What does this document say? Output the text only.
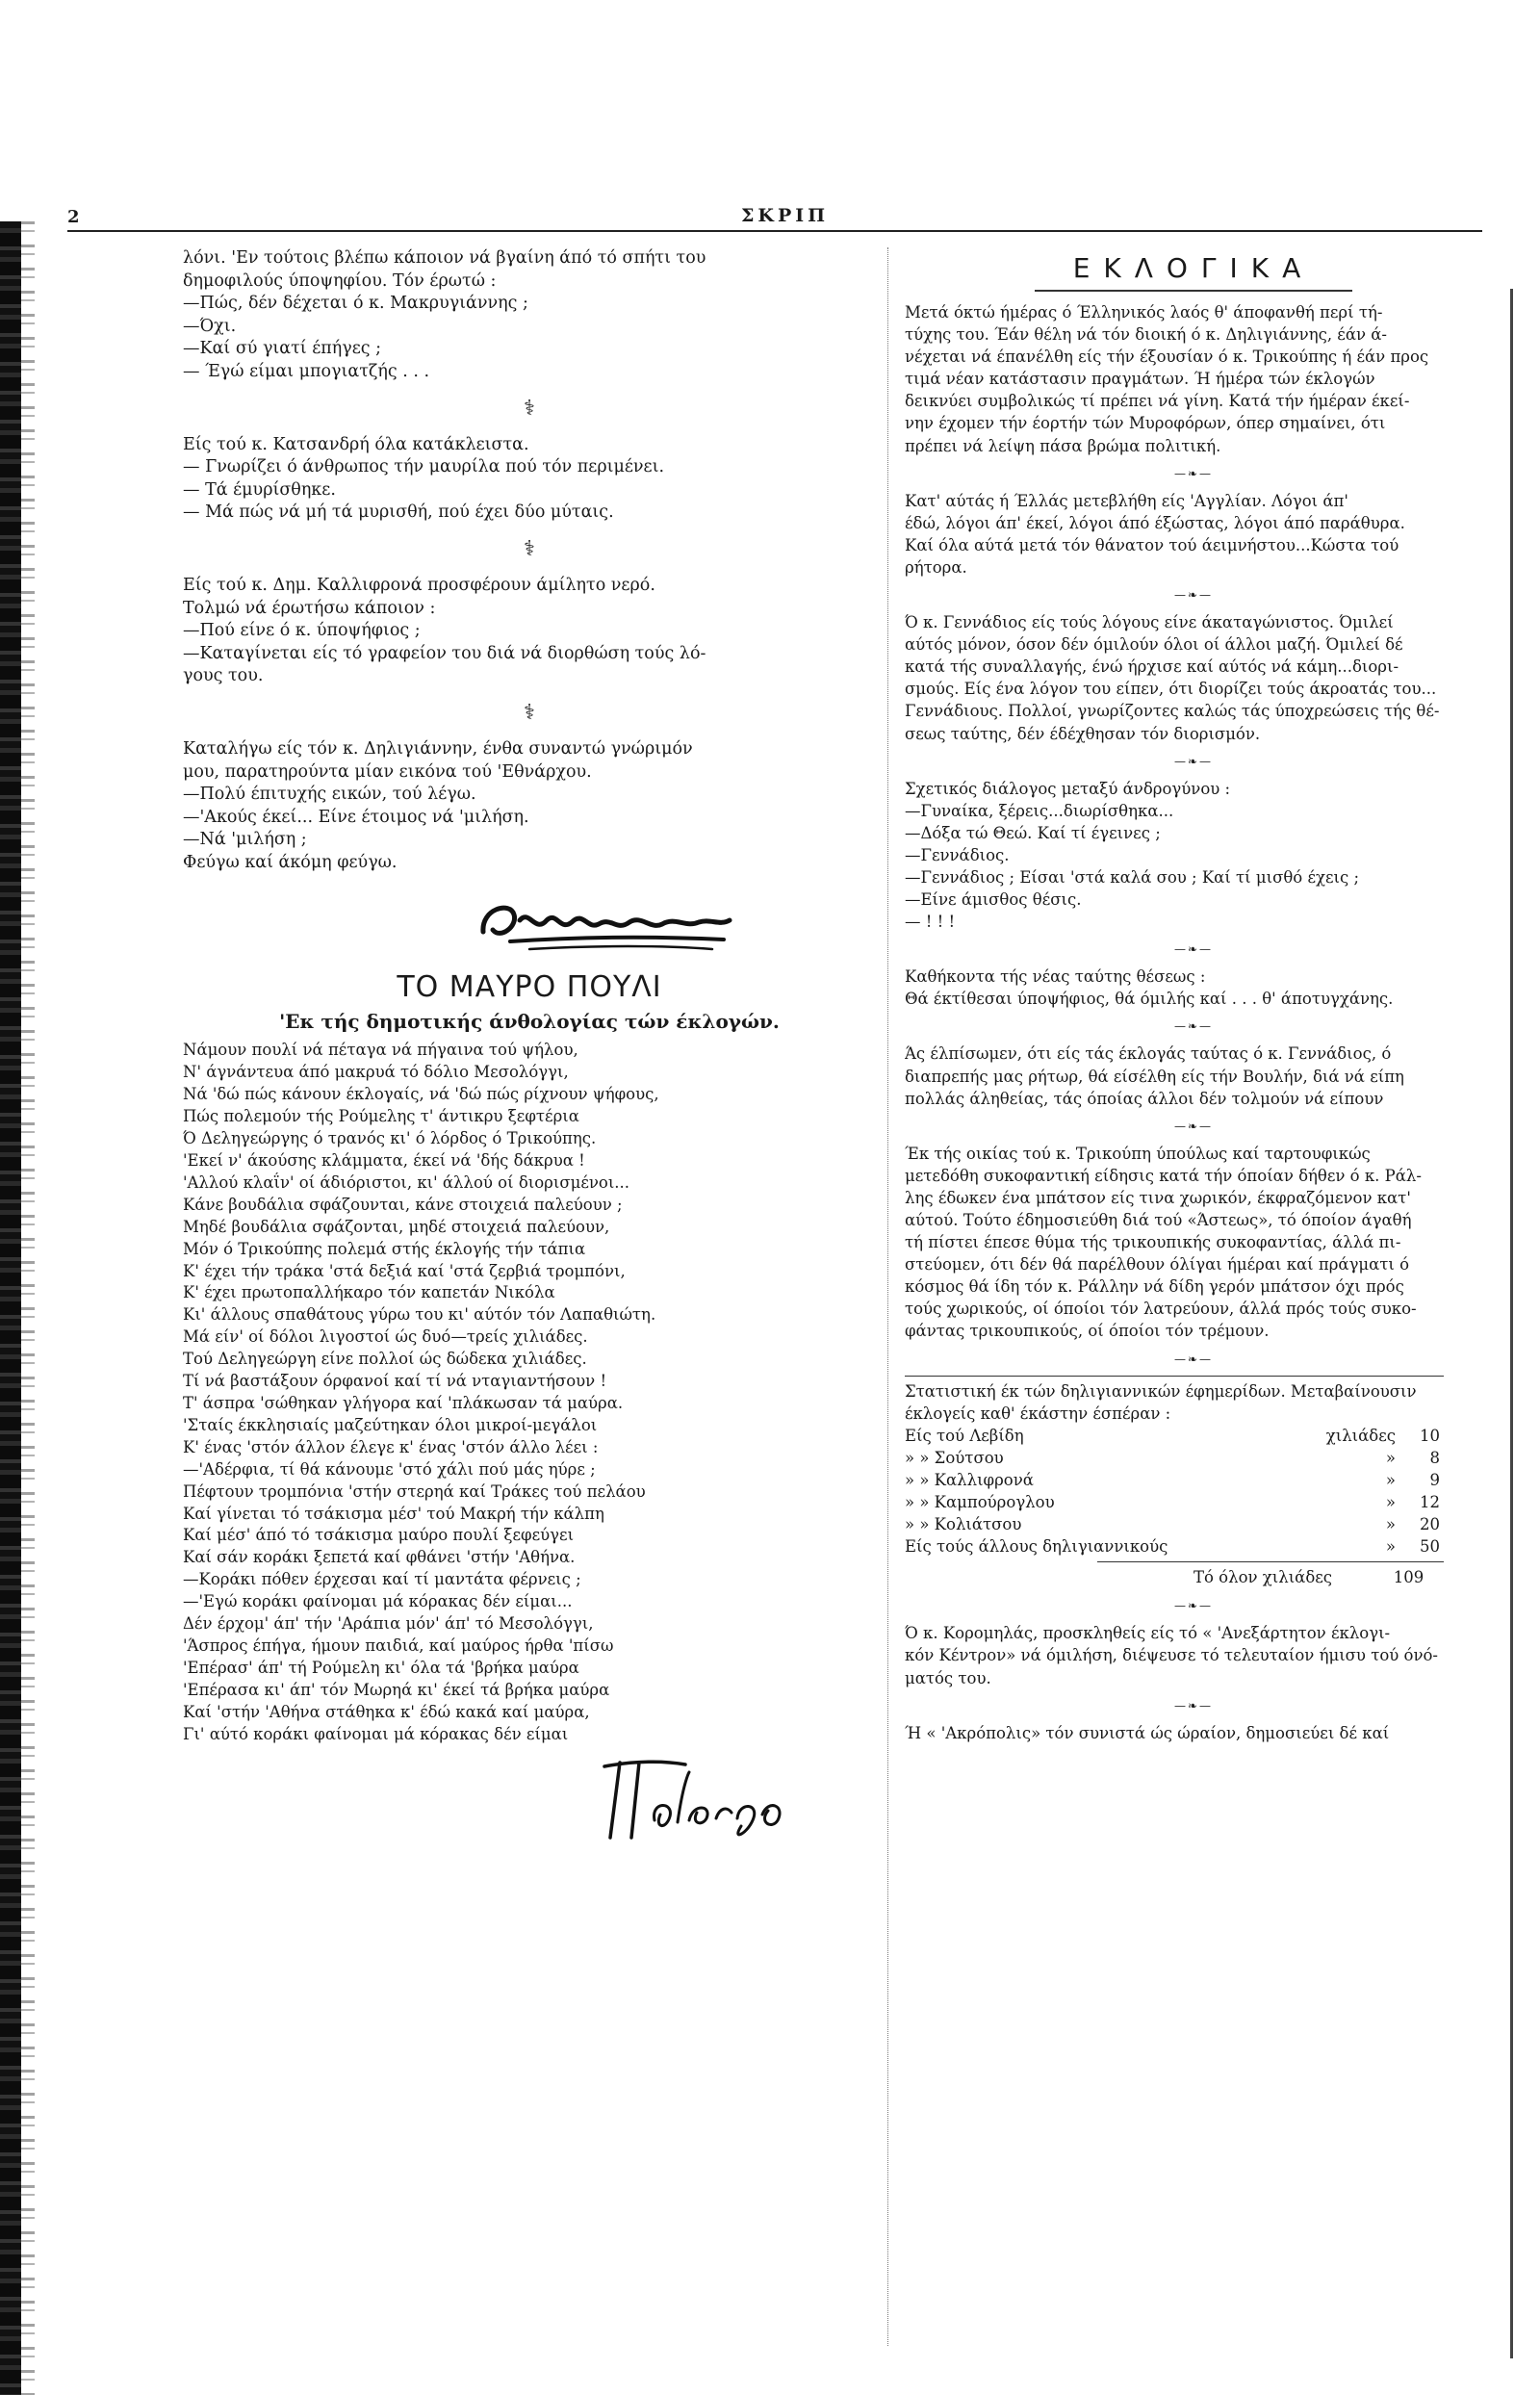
2	ΣΚΡΙΠ
λόνι. 'Εν τούτοις βλέπω κάποιον νά βγαίνη άπό τό σπήτι του
δημοφιλούς ύποψηφίου. Τόν έρωτώ :
—Πώς, δέν δέχεται ό κ. Μακρυγιάννης ;
—Όχι.
—Καί σύ γιατί έπήγες ;
— Έγώ είμαι μπογιατζής . . .
⚕
Είς τού κ. Κατσανδρή όλα κατάκλειστα.
— Γνωρίζει ό άνθρωπος τήν μαυρίλα πού τόν περιμένει.
— Τά έμυρίσθηκε.
— Μά πώς νά μή τά μυρισθή, πού έχει δύο μύταις.
⚕
Είς τού κ. Δημ. Καλλιφρονά προσφέρουν άμίλητο νερό.
Τολμώ νά έρωτήσω κάποιον :
—Πού είνε ό κ. ύποψήφιος ;
—Καταγίνεται είς τό γραφείον του διά νά διορθώση τούς λό-
γους του.
⚕
Καταλήγω είς τόν κ. Δηλιγιάννην, ένθα συναντώ γνώριμόν
μου, παρατηρούντα μίαν εικόνα τού 'Εθνάρχου.
—Πολύ έπιτυχής εικών, τού λέγω.
—'Ακούς έκεί... Είνε έτοιμος νά 'μιλήση.
—Νά 'μιλήση ;
Φεύγω καί άκόμη φεύγω.
ΤΟ ΜΑΥΡΟ ΠΟΥΛΙ
'Εκ τής δημοτικής άνθολογίας τών έκλογών.
Νάμουν πουλί νά πέταγα νά πήγαινα τού ψήλου,
Ν' άγνάντευα άπό μακρυά τό δόλιο Μεσολόγγι,
Νά 'δώ πώς κάνουν έκλογαίς, νά 'δώ πώς ρίχνουν ψήφους,
Πώς πολεμούν τής Ρούμελης τ' άντικρυ ξεφτέρια
Ό Δεληγεώργης ό τρανός κι' ό λόρδος ό Τρικούπης.
'Εκεί ν' άκούσης κλάμματα, έκεί νά 'δής δάκρυα !
'Αλλού κλαΐν' οί άδιόριστοι, κι' άλλού οί διορισμένοι...
Κάνε βουδάλια σφάζουνται, κάνε στοιχειά παλεύουν ;
Μηδέ βουδάλια σφάζονται, μηδέ στοιχειά παλεύουν,
Μόν ό Τρικούπης πολεμά στής έκλογής τήν τάπια
Κ' έχει τήν τράκα 'στά δεξιά καί 'στά ζερβιά τρομπόνι,
Κ' έχει πρωτοπαλλήκαρο τόν καπετάν Νικόλα
Κι' άλλους σπαθάτους γύρω του κι' αύτόν τόν Λαπαθιώτη.
Μά είν' οί δόλοι λιγοστοί ώς δυό—τρείς χιλιάδες.
Τού Δεληγεώργη είνε πολλοί ώς δώδεκα χιλιάδες.
Τί νά βαστάξουν όρφανοί καί τί νά νταγιαντήσουν !
Τ' άσπρα 'σώθηκαν γλήγορα καί 'πλάκωσαν τά μαύρα.
'Σταίς έκκλησιαίς μαζεύτηκαν όλοι μικροί-μεγάλοι
Κ' ένας 'στόν άλλον έλεγε κ' ένας 'στόν άλλο λέει :
—'Αδέρφια, τί θά κάνουμε 'στό χάλι πού μάς ηύρε ;
Πέφτουν τρομπόνια 'στήν στερηά καί Τράκες τού πελάου
Καί γίνεται τό τσάκισμα μέσ' τού Μακρή τήν κάλπη
Καί μέσ' άπό τό τσάκισμα μαύρο πουλί ξεφεύγει
Καί σάν κοράκι ξεπετά καί φθάνει 'στήν 'Αθήνα.
—Κοράκι πόθεν έρχεσαι καί τί μαντάτα φέρνεις ;
—'Εγώ κοράκι φαίνομαι μά κόρακας δέν είμαι...
Δέν έρχομ' άπ' τήν 'Αράπια μόν' άπ' τό Μεσολόγγι,
'Άσπρος έπήγα, ήμουν παιδιά, καί μαύρος ήρθα 'πίσω
'Επέρασ' άπ' τή Ρούμελη κι' όλα τά 'βρήκα μαύρα
'Επέρασα κι' άπ' τόν Μωρηά κι' έκεί τά βρήκα μαύρα
Καί 'στήν 'Αθήνα στάθηκα κ' έδώ κακά καί μαύρα,
Γι' αύτό κοράκι φαίνομαι μά κόρακας δέν είμαι
ΕΚΛΟΓΙΚΑ
Μετά όκτώ ήμέρας ό Έλληνικός λαός θ' άποφανθή περί τή-
τύχης του. Έάν θέλη νά τόν διοική ό κ. Δηλιγιάννης, έάν ά-
νέχεται νά έπανέλθη είς τήν έξουσίαν ό κ. Τρικούπης ή έάν προς
τιμά νέαν κατάστασιν πραγμάτων. Ή ήμέρα τών έκλογών
δεικνύει συμβολικώς τί πρέπει νά γίνη. Κατά τήν ήμέραν έκεί-
νην έχομεν τήν έορτήν τών Μυροφόρων, όπερ σημαίνει, ότι
πρέπει νά λείψη πάσα βρώμα πολιτική.
—❧—
Κατ' αύτάς ή Έλλάς μετεβλήθη είς 'Αγγλίαν. Λόγοι άπ'
έδώ, λόγοι άπ' έκεί, λόγοι άπό έξώστας, λόγοι άπό παράθυρα.
Καί όλα αύτά μετά τόν θάνατον τού άειμνήστου...Κώστα τού
ρήτορα.
—❧—
Ό κ. Γεννάδιος είς τούς λόγους είνε άκαταγώνιστος. Όμιλεί
αύτός μόνον, όσον δέν όμιλούν όλοι οί άλλοι μαζή. Όμιλεί δέ
κατά τής συναλλαγής, ένώ ήρχισε καί αύτός νά κάμη...διορι-
σμούς. Είς ένα λόγον του είπεν, ότι διορίζει τούς άκροατάς του...
Γεννάδιους. Πολλοί, γνωρίζοντες καλώς τάς ύποχρεώσεις τής θέ-
σεως ταύτης, δέν έδέχθησαν τόν διορισμόν.
—❧—
Σχετικός διάλογος μεταξύ άνδρογύνου :
—Γυναίκα, ξέρεις...διωρίσθηκα...
—Δόξα τώ Θεώ. Καί τί έγεινες ;
—Γεννάδιος.
—Γεννάδιος ; Είσαι 'στά καλά σου ; Καί τί μισθό έχεις ;
—Είνε άμισθος θέσις.
— ! ! !
—❧—
Καθήκοντα τής νέας ταύτης θέσεως :
Θά έκτίθεσαι ύποψήφιος, θά όμιλής καί . . . θ' άποτυγχάνης.
—❧—
Άς έλπίσωμεν, ότι είς τάς έκλογάς ταύτας ό κ. Γεννάδιος, ό
διαπρεπής μας ρήτωρ, θά είσέλθη είς τήν Βουλήν, διά νά είπη
πολλάς άληθείας, τάς όποίας άλλοι δέν τολμούν νά είπουν
—❧—
Έκ τής οικίας τού κ. Τρικούπη ύπούλως καί ταρτουφικώς
μετεδόθη συκοφαντική είδησις κατά τήν όποίαν δήθεν ό κ. Ράλ-
λης έδωκεν ένα μπάτσον είς τινα χωρικόν, έκφραζόμενον κατ'
αύτού. Τούτο έδημοσιεύθη διά τού «Άστεως», τό όποίον άγαθή
τή πίστει έπεσε θύμα τής τρικουπικής συκοφαντίας, άλλά πι-
στεύομεν, ότι δέν θά παρέλθουν όλίγαι ήμέραι καί πράγματι ό
κόσμος θά ίδη τόν κ. Ράλλην νά δίδη γερόν μπάτσον όχι πρός
τούς χωρικούς, οί όποίοι τόν λατρεύουν, άλλά πρός τούς συκο-
φάντας τρικουπικούς, οί όποίοι τόν τρέμουν.
—❧—
Στατιστική έκ τών δηλιγιαννικών έφημερίδων. Μεταβαίνουσιν
έκλογείς καθ' έκάστην έσπέραν :
Είς τού Λεβίδη	χιλιάδες	10
» » Σούτσου	»	8
» » Καλλιφρονά	»	9
» » Καμπούρογλου	»	12
» » Κολιάτσου	»	20
Είς τούς άλλους δηλιγιαννικούς	»	50
Τό όλον χιλιάδες	109
—❧—
Ό κ. Κορομηλάς, προσκληθείς είς τό « 'Ανεξάρτητον έκλογι-
κόν Κέντρον» νά όμιλήση, διέψευσε τό τελευταίον ήμισυ τού όνό-
ματός του.
—❧—
Ή « 'Ακρόπολις» τόν συνιστά ώς ώραίον, δημοσιεύει δέ καί
